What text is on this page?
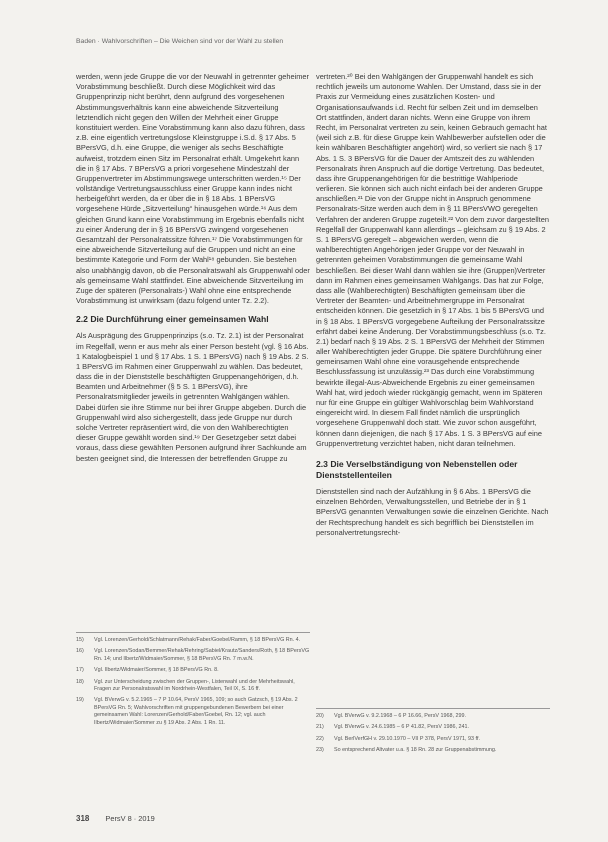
Baden · Wahlvorschriften – Die Weichen sind vor der Wahl zu stellen

werden, wenn jede Gruppe die vor der Neuwahl in getrennter geheimer Vorabstimmung beschließt. Durch diese Möglichkeit wird das Gruppenprinzip nicht berührt, denn aufgrund des vorgesehenen Abstimmungsverhältnis kann eine abweichende Sitzverteilung letztendlich nicht gegen den Willen der Mehrheit einer Gruppe konstituiert werden. Eine Vorabstimmung kann also dazu führen, dass z.B. eine eigentlich vertretungslose Kleinstgruppe i.S.d. § 17 Abs. 5 BPersVG, d.h. eine Gruppe, die weniger als sechs Beschäftigte aufweist, trotzdem einen Sitz im Personalrat erhält. Umgekehrt kann die in § 17 Abs. 7 BPersVG a priori vorgesehene Mindestzahl der Gruppenvertreter im Abstimmungswege unterschritten werden.¹⁵ Der vollständige Vertretungsausschluss einer Gruppe kann indes nicht herbeigeführt werden, da er über die in § 18 Abs. 1 BPersVG vorgesehene Hürde „Sitzverteilung“ hinausgehen würde.¹⁶ Aus dem gleichen Grund kann eine Vorabstimmung im Ergebnis ebenfalls nicht zu einer Änderung der in § 16 BPersVG zwingend vorgesehenen Gesamtzahl der Personalratssitze führen.¹⁷ Die Vorabstimmungen für eine abweichende Sitzverteilung auf die Gruppen und nicht an eine bestimmte Kategorie und Form der Wahl¹⁸ gebunden. Sie bestehen also unabhängig davon, ob die Personalratswahl als Gruppenwahl oder als gemeinsame Wahl stattfindet. Eine abweichende Sitzverteilung im Zuge der späteren (Personalrats-) Wahl ohne eine entsprechende Vorabstimmung ist unwirksam (dazu folgend unter Tz. 2.2).

2.2 Die Durchführung einer gemeinsamen Wahl

Als Ausprägung des Gruppenprinzips (s.o. Tz. 2.1) ist der Personalrat im Regelfall, wenn er aus mehr als einer Person besteht (vgl. § 16 Abs. 1 Katalogbeispiel 1 und § 17 Abs. 1 S. 1 BPersVG) nach § 19 Abs. 2 S. 1 BPersVG im Rahmen einer Gruppenwahl zu wählen. Das bedeutet, dass die in der Dienststelle beschäftigten Gruppenangehörigen, d.h. Beamten und Arbeitnehmer (§ 5 S. 1 BPersVG), ihre Personalratsmitglieder jeweils in getrennten Wahlgängen wählen. Dabei dürfen sie ihre Stimme nur bei ihrer Gruppe abgeben. Durch die Gruppenwahl wird also sichergestellt, dass jede Gruppe nur durch solche Vertreter repräsentiert wird, die von den Wahlberechtigten dieser Gruppe gewählt worden sind.¹⁹ Der Gesetzgeber setzt dabei voraus, dass diese gewählten Personen aufgrund ihrer Sachkunde am besten geeignet sind, die Interessen der betreffenden Gruppe zu

vertreten.²⁰ Bei den Wahlgängen der Gruppenwahl handelt es sich rechtlich jeweils um autonome Wahlen. Der Umstand, dass sie in der Praxis zur Vermeidung eines zusätzlichen Kosten- und Organisationsaufwands i.d. Recht für selben Zeit und im demselben Ort stattfinden, ändert daran nichts. Wenn eine Gruppe von ihrem Recht, im Personalrat vertreten zu sein, keinen Gebrauch gemacht hat (weil sich z.B. für diese Gruppe kein Wahlbewerber aufstellen oder die kein wählbaren Beschäftigter angehört) wird, so verliert sie nach § 17 Abs. 1 S. 3 BPersVG für die Dauer der Amtszeit des zu wählenden Personalrats ihren Anspruch auf die dortige Vertretung. Das bedeutet, dass ihre Gruppenangehörigen für die bestrittige Wahlperiode verlieren. Sie können sich auch nicht einfach bei der anderen Gruppe anschließen.²¹ Die von der Gruppe nicht in Anspruch genommene Personalrats-Sitze werden auch dem in § 11 BPersVWO geregelten Verfahren der anderen Gruppe zugeteilt.²² Von dem zuvor dargestellten Regelfall der Gruppenwahl kann allerdings – gleichsam zu § 19 Abs. 2 S. 1 BPersVG geregelt – abgewichen werden, wenn die wahlberechtigten Angehörigen jeder Gruppe vor der Neuwahl in getrennten geheimen Vorabstimmungen die gemeinsame Wahl beschließen. Bei dieser Wahl dann wählen sie ihre (Gruppen)Vertreter dann im Rahmen eines gemeinsamen Wahlgangs. Das hat zur Folge, dass alle (Wahlberechtigten) Beschäftigten gemeinsam über die Vertreter der Beamten- und Arbeitnehmergruppe im Personalrat entscheiden können. Die gesetzlich in § 17 Abs. 1 bis 5 BPersVG und in § 18 Abs. 1 BPersVG vorgegebene Aufteilung der Personalratssitze erfährt dabei keine Änderung. Der Vorabstimmungsbeschluss (s.o. Tz. 2.1) bedarf nach § 19 Abs. 2 S. 1 BPersVG der Mehrheit der Stimmen aller Wahlberechtigten jeder Gruppe. Die spätere Durchführung einer gemeinsamen Wahl ohne eine vorausgehende entsprechende Beschlussfassung ist unzulässig.²³ Das durch eine Vorabstimmung bewirkte illegal-Aus-Abweichende Ergebnis zu einer gemeinsamen Wahl hat, wird jedoch wieder rückgängig gemacht, wenn im Späteren nur für eine Gruppe ein gültiger Wahlvorschlag beim Wahlvorstand eingereicht wird. In diesem Fall findet nämlich die ursprünglich vorgesehene Gruppenwahl doch statt. Wie zuvor schon ausgeführt, können dann diejenigen, die nach § 17 Abs. 1 S. 3 BPersVG auf eine Gruppenvertretung verzichtet haben, nicht daran teilnehmen.

2.3 Die Verselbständigung von Nebenstellen oder Dienststellenteilen

Dienststellen sind nach der Aufzählung in § 6 Abs. 1 BPersVG die einzelnen Behörden, Verwaltungsstellen, und Betriebe der in § 1 BPersVG genannten Verwaltungen sowie die einzelnen Gerichte. Nach der Rechtsprechung handelt es sich begrifflich bei Dienststellen im personalvertretungsrecht-

15)	Vgl. Lorenzen/Gerhold/Schlatmann/Rehak/Faber/Goebel/Ramm, § 18 BPersVG Rn. 4.
16)	Vgl. Lorenzen/Sodan/Bemmer/Rehak/Rehring/Sabiel/Krautz/Sanders/Roth, § 18 BPersVG Rn. 14; und Ilbertz/Widmaier/Sommer, § 18 BPersVG Rn. 7 m.w.N.
17)	Vgl. Ilbertz/Widmaier/Sommer, § 18 BPersVG Rn. 8.
18)	Vgl. zur Unterscheidung zwischen der Gruppen-, Listenwahl und der Mehrheitswahl, Fragen zur Personalratswahl im Nordrhein-Westfalen, Teil IX, S. 16 ff.
19)	Vgl. BVerwG v. 5.2.1965 – 7 P 10.64, PersV 1965, 109; so auch Gatzsch, § 19 Abs. 2 BPersVG Rn. 5; Wahlvorschriften mit gruppengebundenen Bewerbern bei einer gemeinsamen Wahl: Lorenzen/Gerhold/Faber/Goebel, Rn. 12; vgl. auch Ilbertz/Widmaier/Sommer zu § 19 Abs. 2 Abs. 1 Rn. 11.
20)	Vgl. BVerwG v. 9.2.1968 – 6 P 16.66, PersV 1968, 299.
21)	Vgl. BVerwG v. 24.6.1985 – 6 P 41.82, PersV 1986, 241.
22)	Vgl. BerlVerfGH v. 29.10.1970 – VII P 378, PersV 1971, 93 ff.
23)	So entsprechend Altvater u.a. § 18 Rn. 28 zur Gruppenabstimmung.
318 PersV 8 · 2019
